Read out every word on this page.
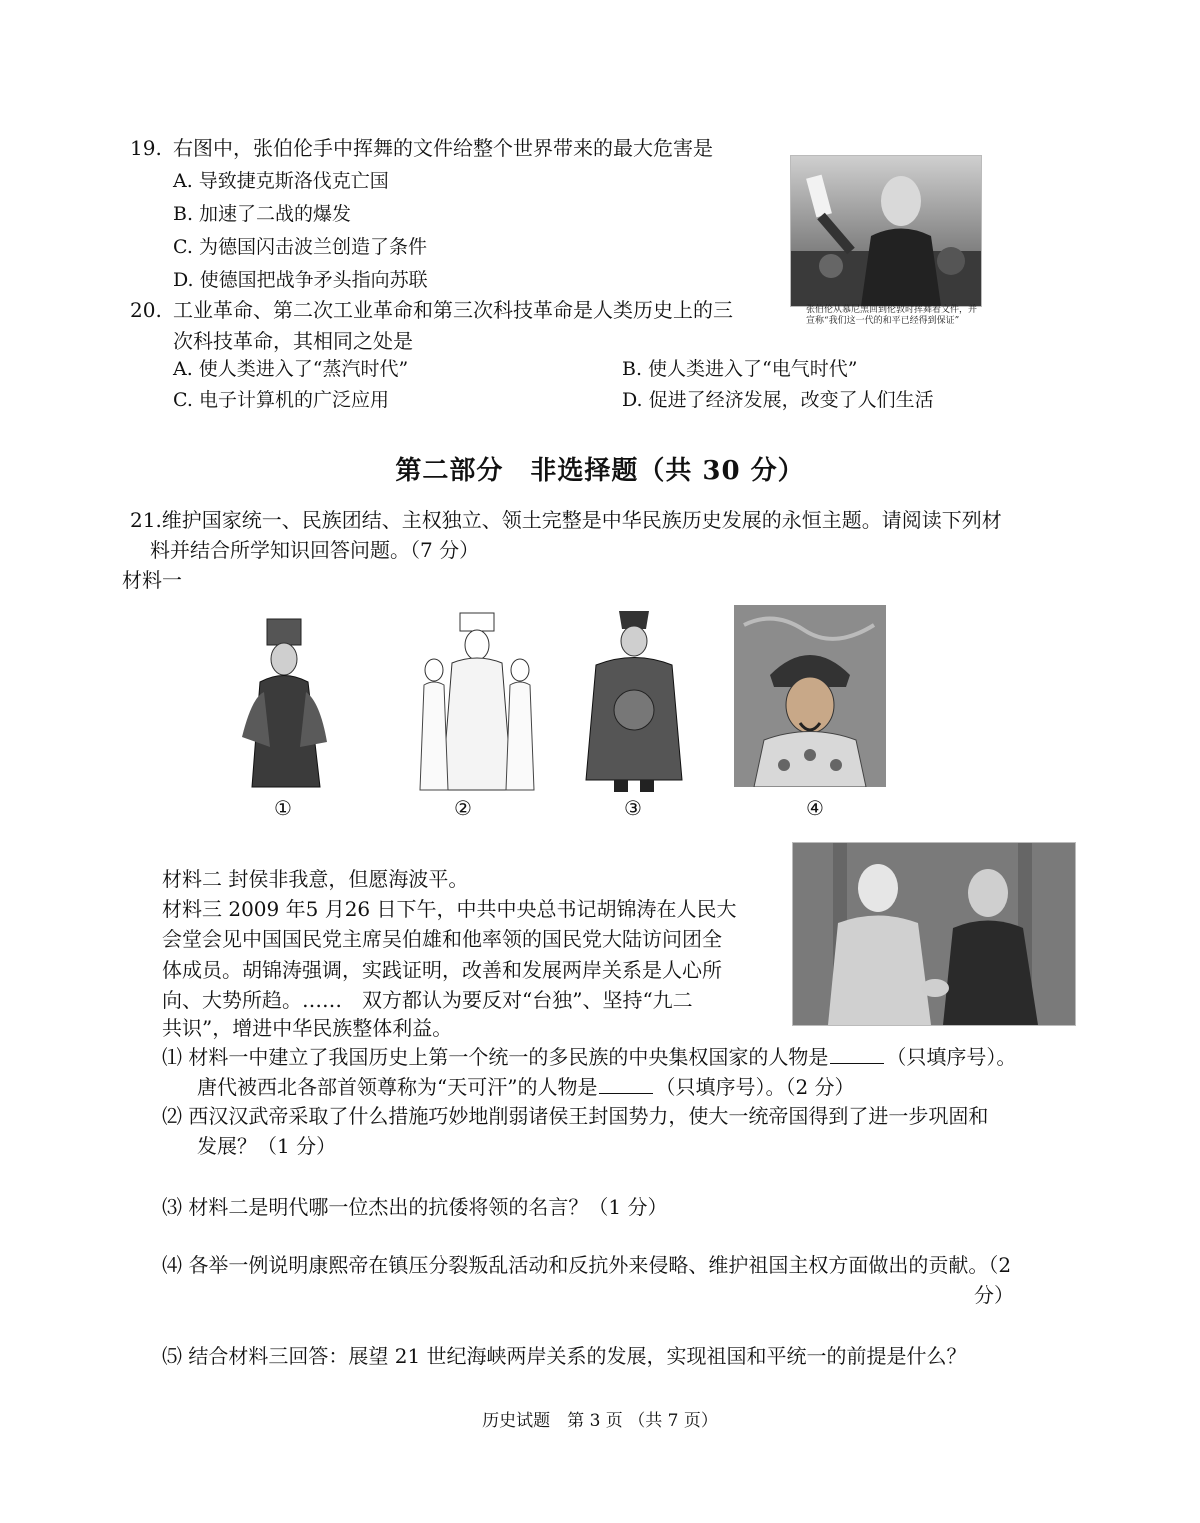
19. 右图中，张伯伦手中挥舞的文件给整个世界带来的最大危害是
A. 导致捷克斯洛伐克亡国
B. 加速了二战的爆发
C. 为德国闪击波兰创造了条件
D. 使德国把战争矛头指向苏联
张伯伦从慕尼黑回到伦敦时挥舞着文件，并宣称“我们这一代的和平已经得到保证”
20. 工业革命、第二次工业革命和第三次科技革命是人类历史上的三
次科技革命，其相同之处是
A. 使人类进入了“蒸汽时代”	B. 使人类进入了“电气时代”
C. 电子计算机的广泛应用	D. 促进了经济发展，改变了人们生活
第二部分　非选择题（共 30 分）
21.维护国家统一、民族团结、主权独立、领土完整是中华民族历史发展的永恒主题。请阅读下列材
料并结合所学知识回答问题。（7 分）
材料一
①	②	③	④
材料二 封侯非我意，但愿海波平。
材料三 2009 年5 月26 日下午，中共中央总书记胡锦涛在人民大
会堂会见中国国民党主席吴伯雄和他率领的国民党大陆访问团全
体成员。胡锦涛强调，实践证明，改善和发展两岸关系是人心所
向、大势所趋。……　双方都认为要反对“台独”、坚持“九二
共识”，增进中华民族整体利益。
⑴ 材料一中建立了我国历史上第一个统一的多民族的中央集权国家的人物是	（只填序号）。
唐代被西北各部首领尊称为“天可汗”的人物是	（只填序号）。（2 分）
⑵ 西汉汉武帝采取了什么措施巧妙地削弱诸侯王封国势力，使大一统帝国得到了进一步巩固和
发展？（1 分）
⑶ 材料二是明代哪一位杰出的抗倭将领的名言？（1 分）
⑷ 各举一例说明康熙帝在镇压分裂叛乱活动和反抗外来侵略、维护祖国主权方面做出的贡献。（2
分）
⑸ 结合材料三回答：展望 21 世纪海峡两岸关系的发展，实现祖国和平统一的前提是什么？
历史试题　第 3 页 （共 7 页）
